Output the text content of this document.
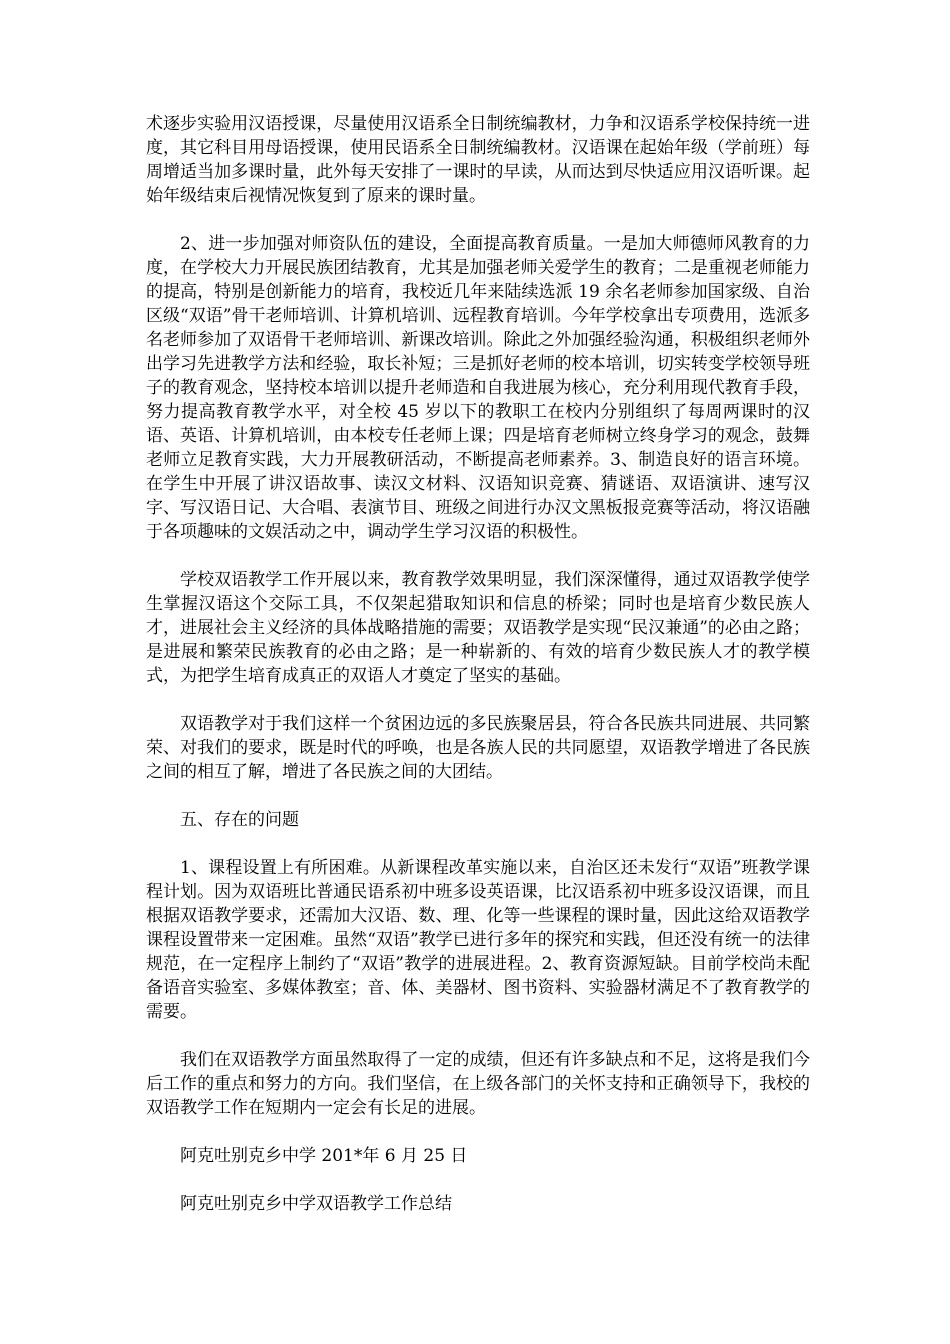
术逐步实验用汉语授课，尽量使用汉语系全日制统编教材，力争和汉语系学校保持统一进度，其它科目用母语授课，使用民语系全日制统编教材。汉语课在起始年级（学前班）每周增适当加多课时量，此外每天安排了一课时的早读，从而达到尽快适应用汉语听课。起始年级结束后视情况恢复到了原来的课时量。

2、进一步加强对师资队伍的建设，全面提高教育质量。一是加大师德师风教育的力度，在学校大力开展民族团结教育，尤其是加强老师关爱学生的教育；二是重视老师能力的提高，特别是创新能力的培育，我校近几年来陆续选派 19 余名老师参加国家级、自治区级“双语”骨干老师培训、计算机培训、远程教育培训。今年学校拿出专项费用，选派多名老师参加了双语骨干老师培训、新课改培训。除此之外加强经验沟通，积极组织老师外出学习先进教学方法和经验，取长补短；三是抓好老师的校本培训，切实转变学校领导班子的教育观念，坚持校本培训以提升老师造和自我进展为核心，充分利用现代教育手段，努力提高教育教学水平，对全校 45 岁以下的教职工在校内分别组织了每周两课时的汉语、英语、计算机培训，由本校专任老师上课；四是培育老师树立终身学习的观念，鼓舞老师立足教育实践，大力开展教研活动，不断提高老师素养。3、制造良好的语言环境。在学生中开展了讲汉语故事、读汉文材料、汉语知识竞赛、猜谜语、双语演讲、速写汉字、写汉语日记、大合唱、表演节目、班级之间进行办汉文黑板报竞赛等活动，将汉语融于各项趣味的文娱活动之中，调动学生学习汉语的积极性。

学校双语教学工作开展以来，教育教学效果明显，我们深深懂得，通过双语教学使学生掌握汉语这个交际工具，不仅架起猎取知识和信息的桥梁；同时也是培育少数民族人才，进展社会主义经济的具体战略措施的需要；双语教学是实现“民汉兼通”的必由之路；是进展和繁荣民族教育的必由之路；是一种崭新的、有效的培育少数民族人才的教学模式，为把学生培育成真正的双语人才奠定了坚实的基础。

双语教学对于我们这样一个贫困边远的多民族聚居县，符合各民族共同进展、共同繁荣、对我们的要求，既是时代的呼唤，也是各族人民的共同愿望，双语教学增进了各民族之间的相互了解，增进了各民族之间的大团结。

五、存在的问题

1、课程设置上有所困难。从新课程改革实施以来，自治区还未发行“双语”班教学课程计划。因为双语班比普通民语系初中班多设英语课，比汉语系初中班多设汉语课，而且根据双语教学要求，还需加大汉语、数、理、化等一些课程的课时量，因此这给双语教学课程设置带来一定困难。虽然“双语”教学已进行多年的探究和实践，但还没有统一的法律规范，在一定程序上制约了“双语”教学的进展进程。2、教育资源短缺。目前学校尚未配备语音实验室、多媒体教室；音、体、美器材、图书资料、实验器材满足不了教育教学的需要。

我们在双语教学方面虽然取得了一定的成绩，但还有许多缺点和不足，这将是我们今后工作的重点和努力的方向。我们坚信，在上级各部门的关怀支持和正确领导下，我校的双语教学工作在短期内一定会有长足的进展。

阿克吐别克乡中学 201*年 6 月 25 日

阿克吐别克乡中学双语教学工作总结
